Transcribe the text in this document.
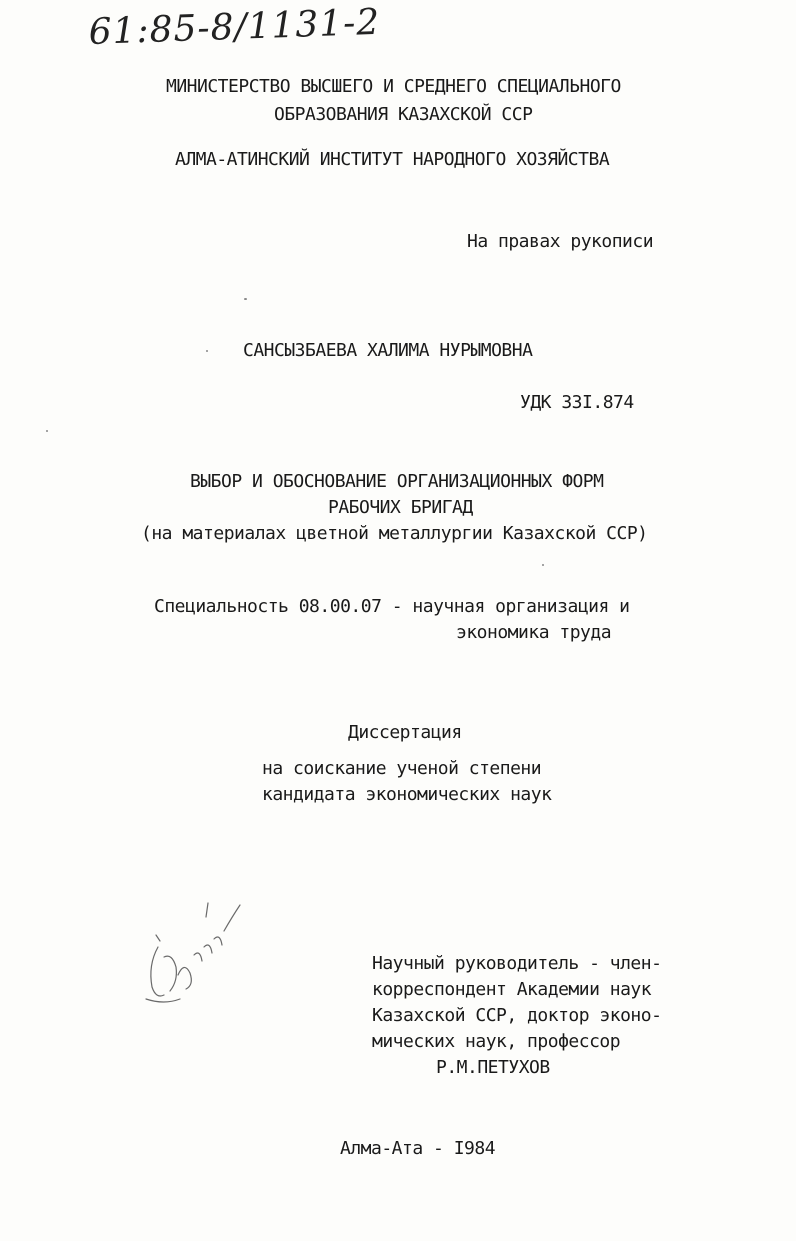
61:85-8/1131-2
МИНИСТЕРСТВО ВЫСШЕГО И СРЕДНЕГО СПЕЦИАЛЬНОГО
ОБРАЗОВАНИЯ КАЗАХСКОЙ ССР
АЛМА-АТИНСКИЙ ИНСТИТУТ НАРОДНОГО ХОЗЯЙСТВА
На правах рукописи
САНСЫЗБАЕВА ХАЛИМА НУРЫМОВНА
УДК 33I.874
ВЫБОР И ОБОСНОВАНИЕ ОРГАНИЗАЦИОННЫХ ФОРМ
РАБОЧИХ БРИГАД
(на материалах цветной металлургии Казахской ССР)
Специальность 08.00.07 - научная организация и
экономика труда
Диссертация
на соискание ученой степени
кандидата экономических наук
Научный руководитель - член-
корреспондент Академии наук
Казахской ССР, доктор эконо-
мических наук, профессор
Р.М.ПЕТУХОВ
Алма-Ата - I984
